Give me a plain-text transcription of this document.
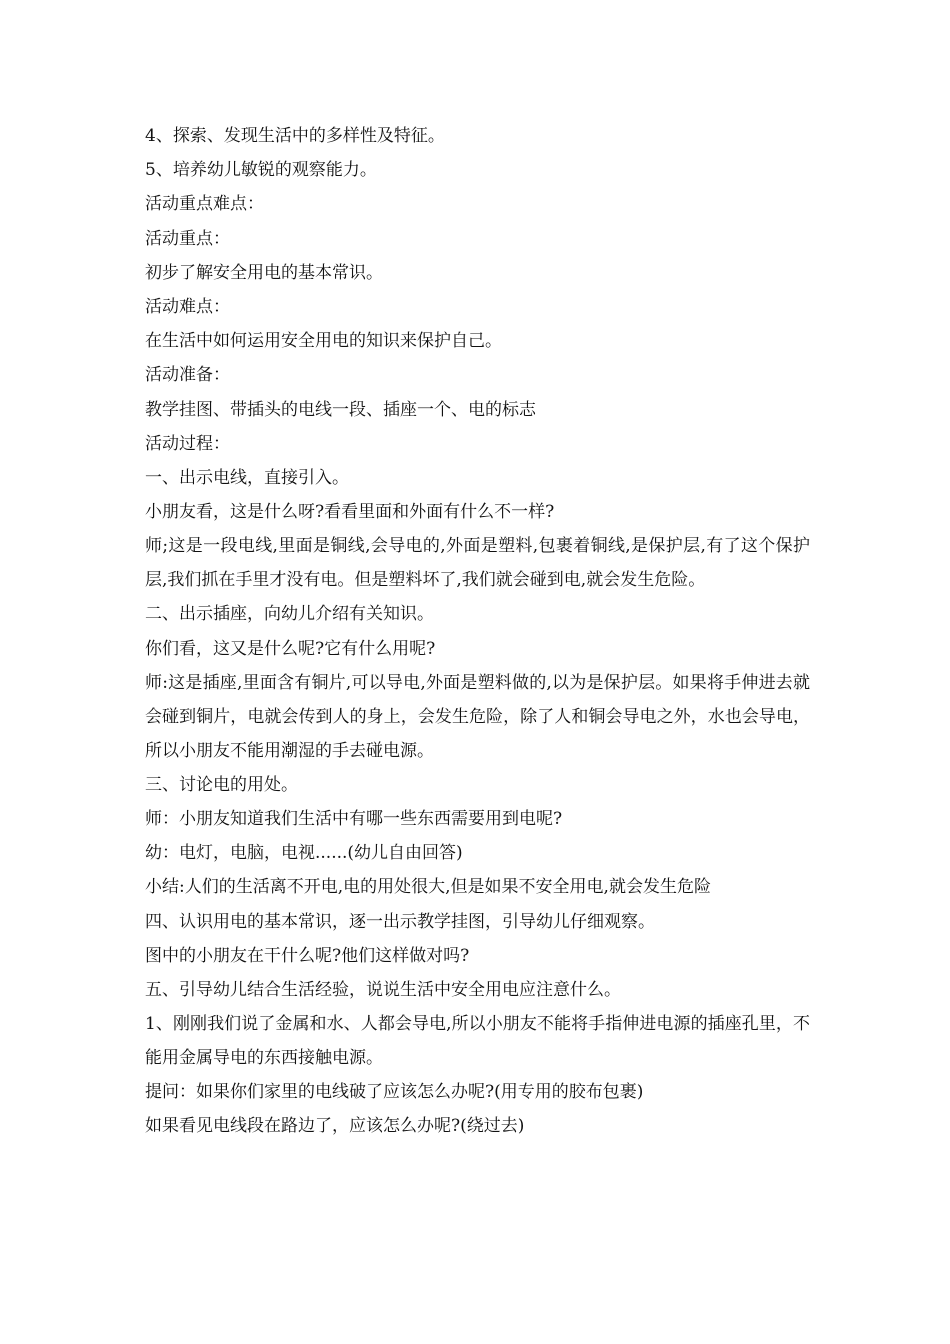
4、探索、发现生活中的多样性及特征。

5、培养幼儿敏锐的观察能力。

活动重点难点：

活动重点：

初步了解安全用电的基本常识。

活动难点：

在生活中如何运用安全用电的知识来保护自己。

活动准备：

教学挂图、带插头的电线一段、插座一个、电的标志

活动过程：

一、出示电线，直接引入。

小朋友看，这是什么呀?看看里面和外面有什么不一样?

师;这是一段电线,里面是铜线,会导电的,外面是塑料,包裹着铜线,是保护层,有了这个保护层,我们抓在手里才没有电。但是塑料坏了,我们就会碰到电,就会发生危险。

二、出示插座，向幼儿介绍有关知识。

你们看，这又是什么呢?它有什么用呢?

师:这是插座,里面含有铜片,可以导电,外面是塑料做的,以为是保护层。如果将手伸进去就会碰到铜片，电就会传到人的身上，会发生危险，除了人和铜会导电之外，水也会导电，所以小朋友不能用潮湿的手去碰电源。

三、讨论电的用处。

师：小朋友知道我们生活中有哪一些东西需要用到电呢?

幼：电灯，电脑，电视......(幼儿自由回答)

小结:人们的生活离不开电,电的用处很大,但是如果不安全用电,就会发生危险

四、认识用电的基本常识，逐一出示教学挂图，引导幼儿仔细观察。

图中的小朋友在干什么呢?他们这样做对吗?

五、引导幼儿结合生活经验，说说生活中安全用电应注意什么。

1、刚刚我们说了金属和水、人都会导电,所以小朋友不能将手指伸进电源的插座孔里，不能用金属导电的东西接触电源。

提问：如果你们家里的电线破了应该怎么办呢?(用专用的胶布包裹)

如果看见电线段在路边了，应该怎么办呢?(绕过去)
